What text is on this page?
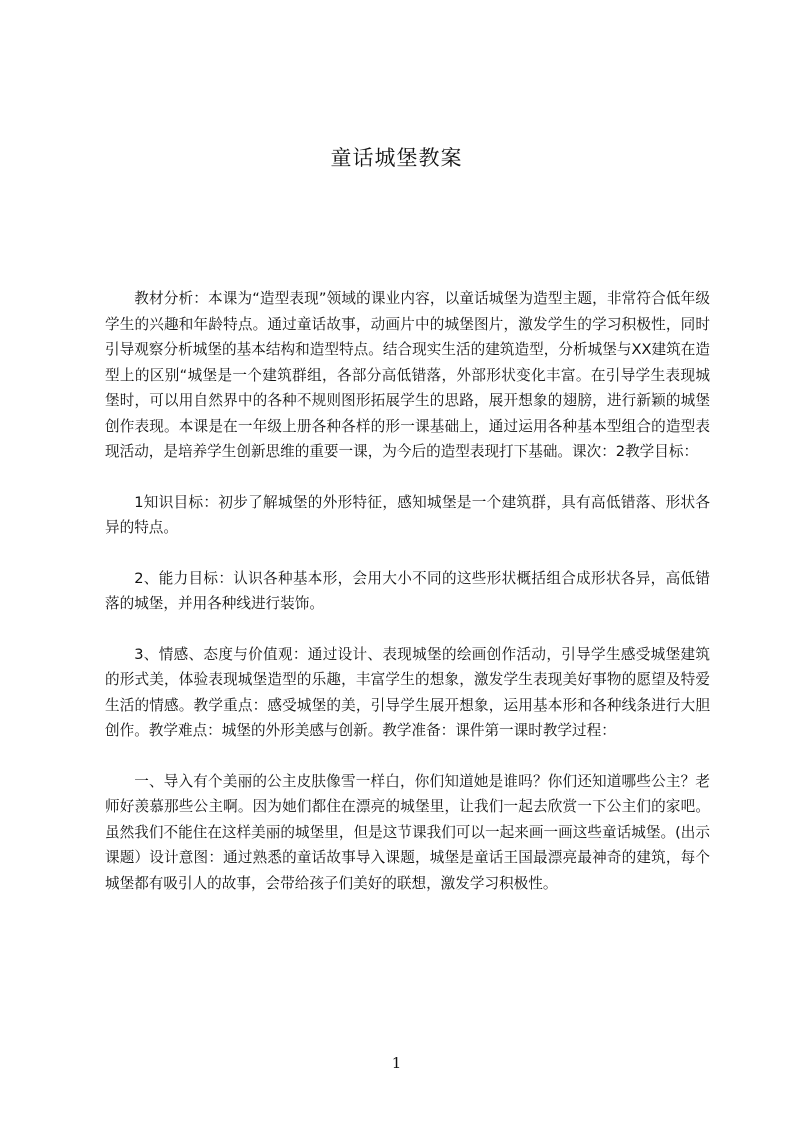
童话城堡教案

教材分析：本课为“造型表现”领域的课业内容，以童话城堡为造型主题，非常符合低年级学生的兴趣和年龄特点。通过童话故事，动画片中的城堡图片，激发学生的学习积极性，同时引导观察分析城堡的基本结构和造型特点。结合现实生活的建筑造型，分析城堡与XX建筑在造型上的区别“城堡是一个建筑群组，各部分高低错落，外部形状变化丰富。在引导学生表现城堡时，可以用自然界中的各种不规则图形拓展学生的思路，展开想象的翅膀，进行新颖的城堡创作表现。本课是在一年级上册各种各样的形一课基础上，通过运用各种基本型组合的造型表现活动，是培养学生创新思维的重要一课，为今后的造型表现打下基础。课次：2教学目标：

1知识目标：初步了解城堡的外形特征，感知城堡是一个建筑群，具有高低错落、形状各异的特点。

2、能力目标：认识各种基本形，会用大小不同的这些形状概括组合成形状各异，高低错落的城堡，并用各种线进行装饰。

3、情感、态度与价值观：通过设计、表现城堡的绘画创作活动，引导学生感受城堡建筑的形式美，体验表现城堡造型的乐趣，丰富学生的想象，激发学生表现美好事物的愿望及特爱生活的情感。教学重点：感受城堡的美，引导学生展开想象，运用基本形和各种线条进行大胆创作。教学难点：城堡的外形美感与创新。教学准备：课件第一课时教学过程：

一、导入有个美丽的公主皮肤像雪一样白，你们知道她是谁吗？你们还知道哪些公主？老师好羡慕那些公主啊。因为她们都住在漂亮的城堡里，让我们一起去欣赏一下公主们的家吧。虽然我们不能住在这样美丽的城堡里，但是这节课我们可以一起来画一画这些童话城堡。(出示课题）设计意图：通过熟悉的童话故事导入课题，城堡是童话王国最漂亮最神奇的建筑，每个城堡都有吸引人的故事，会带给孩子们美好的联想，激发学习积极性。

1
